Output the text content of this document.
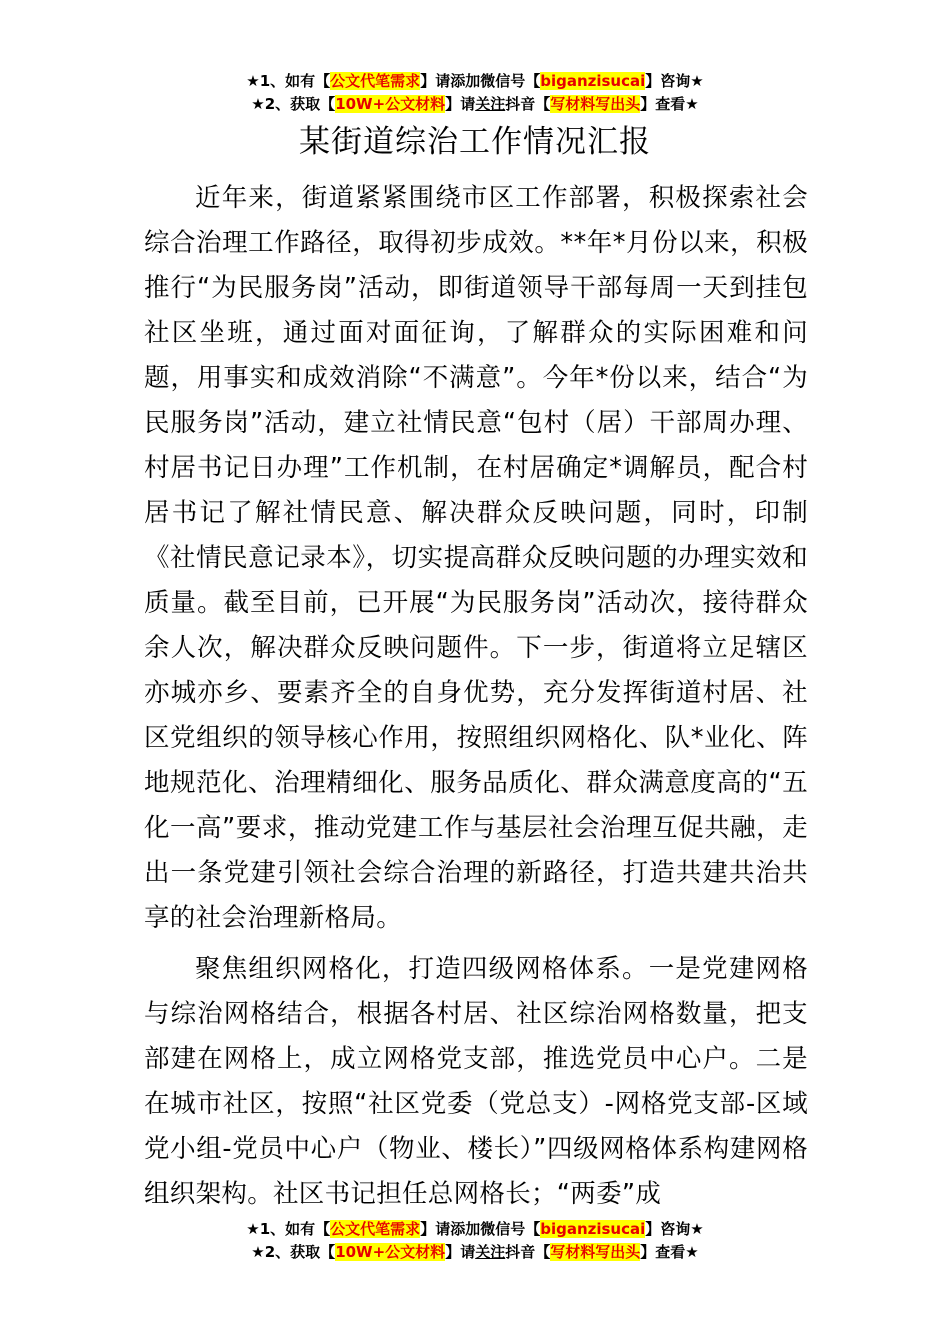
★1、如有【公文代笔需求】请添加微信号【biganzisucai】咨询★
★2、获取【10W+公文材料】请关注抖音【写材料写出头】查看★
某街道综治工作情况汇报

近年来，街道紧紧围绕市区工作部署，积极探索社会综合治理工作路径，取得初步成效。**年*月份以来，积极推行“为民服务岗”活动，即街道领导干部每周一天到挂包社区坐班，通过面对面征询，了解群众的实际困难和问题，用事实和成效消除“不满意”。今年*份以来，结合“为民服务岗”活动，建立社情民意“包村（居）干部周办理、村居书记日办理”工作机制，在村居确定*调解员，配合村居书记了解社情民意、解决群众反映问题，同时，印制《社情民意记录本》，切实提高群众反映问题的办理实效和质量。截至目前，已开展“为民服务岗”活动次，接待群众余人次，解决群众反映问题件。下一步，街道将立足辖区亦城亦乡、要素齐全的自身优势，充分发挥街道村居、社区党组织的领导核心作用，按照组织网格化、队*业化、阵地规范化、治理精细化、服务品质化、群众满意度高的“五化一高”要求，推动党建工作与基层社会治理互促共融，走出一条党建引领社会综合治理的新路径，打造共建共治共享的社会治理新格局。

聚焦组织网格化，打造四级网格体系。一是党建网格与综治网格结合，根据各村居、社区综治网格数量，把支部建在网格上，成立网格党支部，推选党员中心户。二是在城市社区，按照“社区党委（党总支）-网格党支部-区域党小组-党员中心户（物业、楼长）”四级网格体系构建网格组织架构。社区书记担任总网格长；“两委”成

★1、如有【公文代笔需求】请添加微信号【biganzisucai】咨询★
★2、获取【10W+公文材料】请关注抖音【写材料写出头】查看★
